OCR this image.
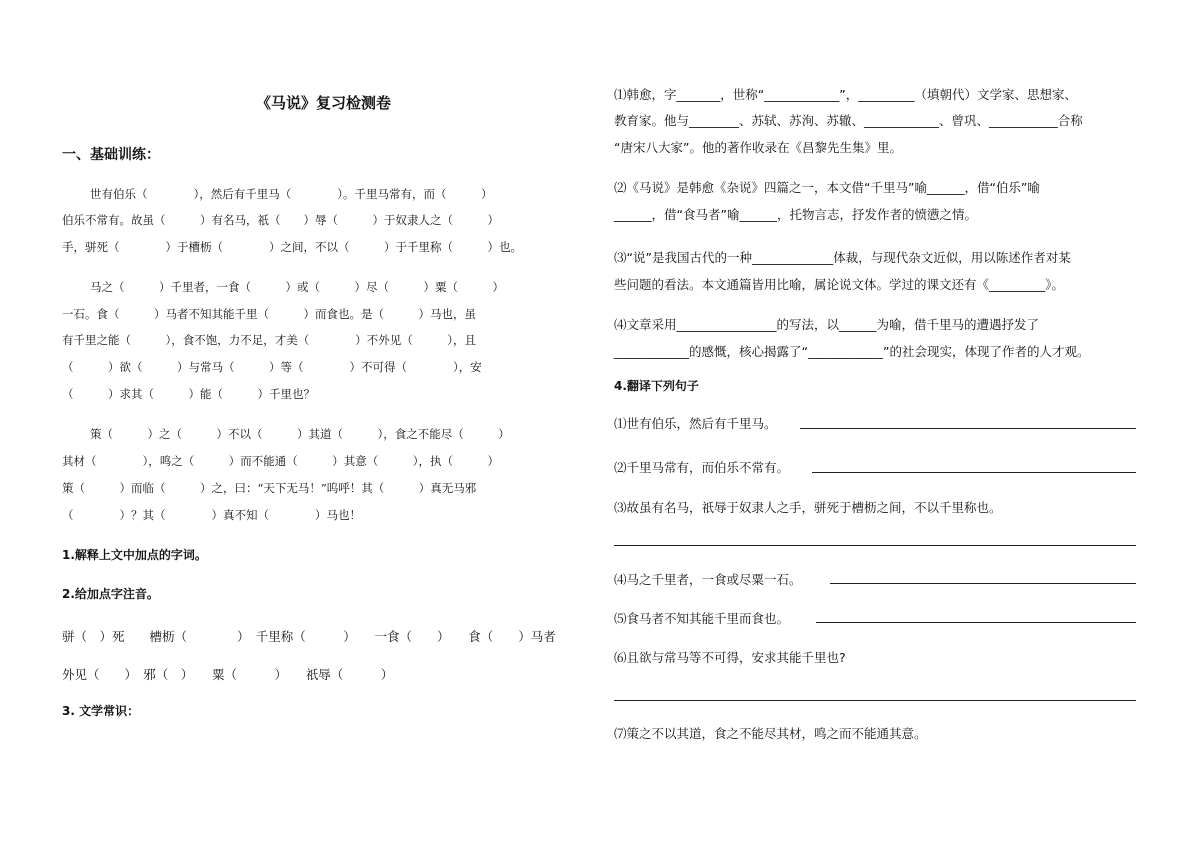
《马说》复习检测卷
一、基础训练：
世有伯乐（　　　　），然后有千里马（　　　　）。千里马常有，而（　　　）
伯乐不常有。故虽（　　　）有名马，祇（　　）辱（　　　）于奴隶人之（　　　）
手，骈死（　　　　）于槽枥（　　　　）之间，不以（　　　）于千里称（　　　）也。
马之（　　　）千里者，一食（　　　）或（　　　）尽（　　　）粟（　　　）
一石。食（　　　）马者不知其能千里（　　　）而食也。是（　　　）马也，虽
有千里之能（　　　），食不饱，力不足，才美（　　　　）不外见（　　　），且
（　　　）欲（　　　）与常马（　　　）等（　　　　）不可得（　　　　），安
（　　　）求其（　　　）能（　　　）千里也？
策（　　　）之（　　　）不以（　　　）其道（　　　），食之不能尽（　　　）
其材（　　　　），鸣之（　　　）而不能通（　　　）其意（　　　），执（　　　）
策（　　　）而临（　　　）之，曰：“天下无马！”呜呼！其（　　　）真无马邪
（　　　　）？其（　　　　）真不知（　　　　）马也！
1.解释上文中加点的字词。
2.给加点字注音。
骈（　）死　　槽枥（　　　　）　千里称（　　　）　　一食（　　）　　食（　　）马者
外见（　　）　邪（　）　　粟（　　　）　　祇辱（　　　）
3. 文学常识：
⑴韩愈，字_______，世称“____________”，_________（填朝代）文学家、思想家、
教育家。他与________、苏轼、苏洵、苏辙、____________、曾巩、___________合称
“唐宋八大家”。他的著作收录在《昌黎先生集》里。
⑵《马说》是韩愈《杂说》四篇之一，本文借“千里马”喻______，借“伯乐”喻
______，借“食马者”喻______，托物言志，抒发作者的愤懑之情。
⑶“说”是我国古代的一种_____________体裁，与现代杂文近似，用以陈述作者对某
些问题的看法。本文通篇皆用比喻，属论说文体。学过的课文还有《_________》。
⑷文章采用________________的写法，以______为喻，借千里马的遭遇抒发了
____________的感慨，核心揭露了“____________”的社会现实，体现了作者的人才观。
4.翻译下列句子
⑴世有伯乐，然后有千里马。
⑵千里马常有，而伯乐不常有。
⑶故虽有名马，祇辱于奴隶人之手，骈死于槽枥之间，不以千里称也。
⑷马之千里者，一食或尽粟一石。
⑸食马者不知其能千里而食也。
⑹且欲与常马等不可得，安求其能千里也?
⑺策之不以其道，食之不能尽其材，鸣之而不能通其意。
